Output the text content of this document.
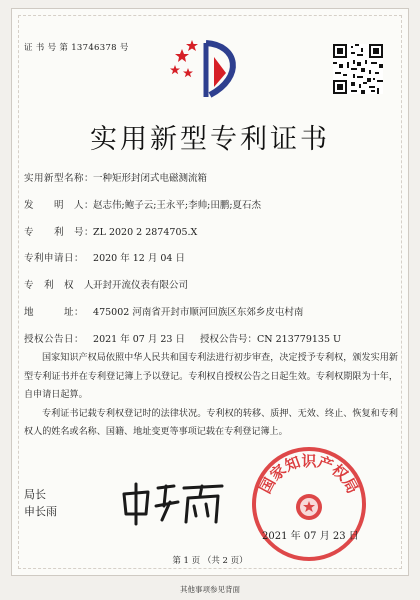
证 书 号 第 13746378 号
实用新型专利证书
实用新型名称： 一种矩形封闭式电磁测流箱
发　　明　人： 赵志伟;鲍子云;王永平;李帅;田鹏;夏石杰
专　　利　号： ZL 2020 2 2874705.X
专利申请日： 2020 年 12 月 04 日
专　利　权　人： 开封开流仪表有限公司
地　　　址： 475002 河南省开封市顺河回族区东郊乡皮屯村南
授权公告日： 2021 年 07 月 23 日 授权公告号：CN 213779135 U

国家知识产权局依照中华人民共和国专利法进行初步审查，决定授予专利权，颁发实用新型专利证书并在专利登记簿上予以登记。专利权自授权公告之日起生效。专利权期限为十年，自申请日起算。

专利证书记载专利权登记时的法律状况。专利权的转移、质押、无效、终止、恢复和专利权人的姓名或名称、国籍、地址变更等事项记载在专利登记簿上。

局长
申长雨
国家知识产权局
2021 年 07 月 23 日
第 1 页 （共 2 页）
其他事项参见背面
